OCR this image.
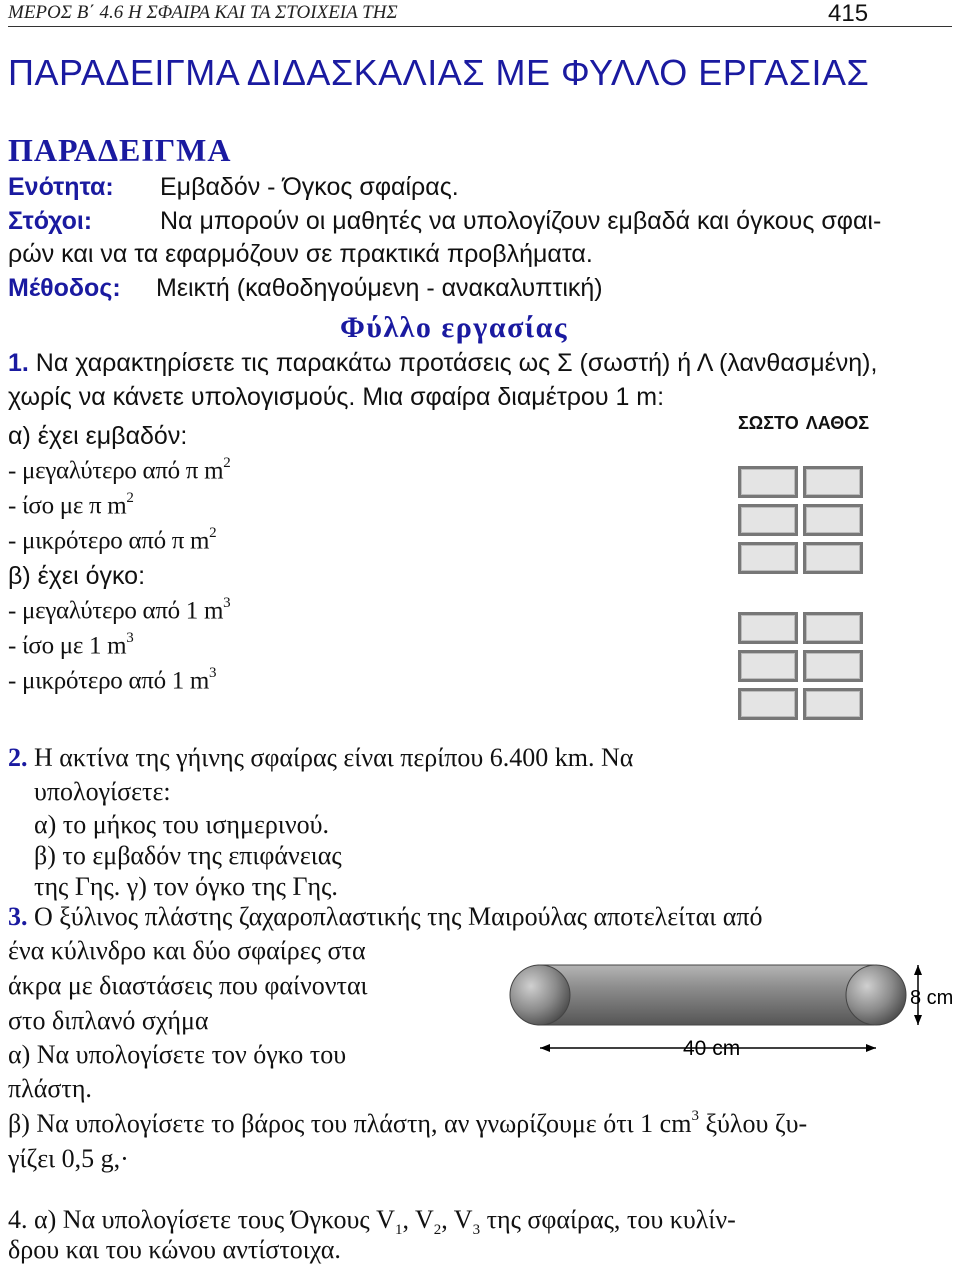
ΜΕΡΟΣ Β΄ 4.6 Η ΣΦΑΙΡΑ ΚΑΙ ΤΑ ΣΤΟΙΧΕΙΑ ΤΗΣ	415
ΠΑΡΑΔΕΙΓΜΑ ΔΙΔΑΣΚΑΛΙΑΣ ΜΕ ΦΥΛΛΟ ΕΡΓΑΣΙΑΣ
ΠΑΡΑΔΕΙΓΜΑ
Ενότητα: Εμβαδόν - Όγκος σφαίρας.
Στόχοι:	Να μπορούν οι μαθητές να υπολογίζουν εμβαδά και όγκους σφαι-
ρών και να τα εφαρμόζουν σε πρακτικά προβλήματα.
Μέθοδος: Μεικτή (καθοδηγούμενη - ανακαλυπτική)
Φύλλο εργασίας
1. Να χαρακτηρίσετε τις παρακάτω προτάσεις ως Σ (σωστή) ή Λ (λανθασμένη),
χωρίς να κάνετε υπολογισμούς. Μια σφαίρα διαμέτρου 1 m:
ΣΩΣΤΟ ΛΑΘΟΣ
α) έχει εμβαδόν:
- μεγαλύτερο από π $m^2$
- ίσο με π $m^2$
- μικρότερο από π $m^2$
β) έχει όγκο:
- μεγαλύτερο από 1 $m^3$
- ίσο με 1 $m^3$
- μικρότερο από 1 $m^3$
2. Η ακτίνα της γήινης σφαίρας είναι περίπου 6.400 km. Να
υπολογίσετε:
α) το μήκος του ισημερινού.
β) το εμβαδόν της επιφάνειας
της Γης. γ) τον όγκο της Γης.
3. Ο ξύλινος πλάστης ζαχαροπλαστικής της Μαιρούλας αποτελείται από
ένα κύλινδρο και δύο σφαίρες στα
άκρα με διαστάσεις που φαίνονται
στο διπλανό σχήμα
α) Να υπολογίσετε τον όγκο του
πλάστη.
β) Να υπολογίσετε το βάρος του πλάστη, αν γνωρίζουμε ότι 1 $cm^3$ ξύλου ζυ-
γίζει 0,5 g,·
40 cm
8 cm
4. α) Να υπολογίσετε τους Όγκους $V_1$, $V_2$, $V_3$ της σφαίρας, του κυλίν-
δρου και του κώνου αντίστοιχα.
